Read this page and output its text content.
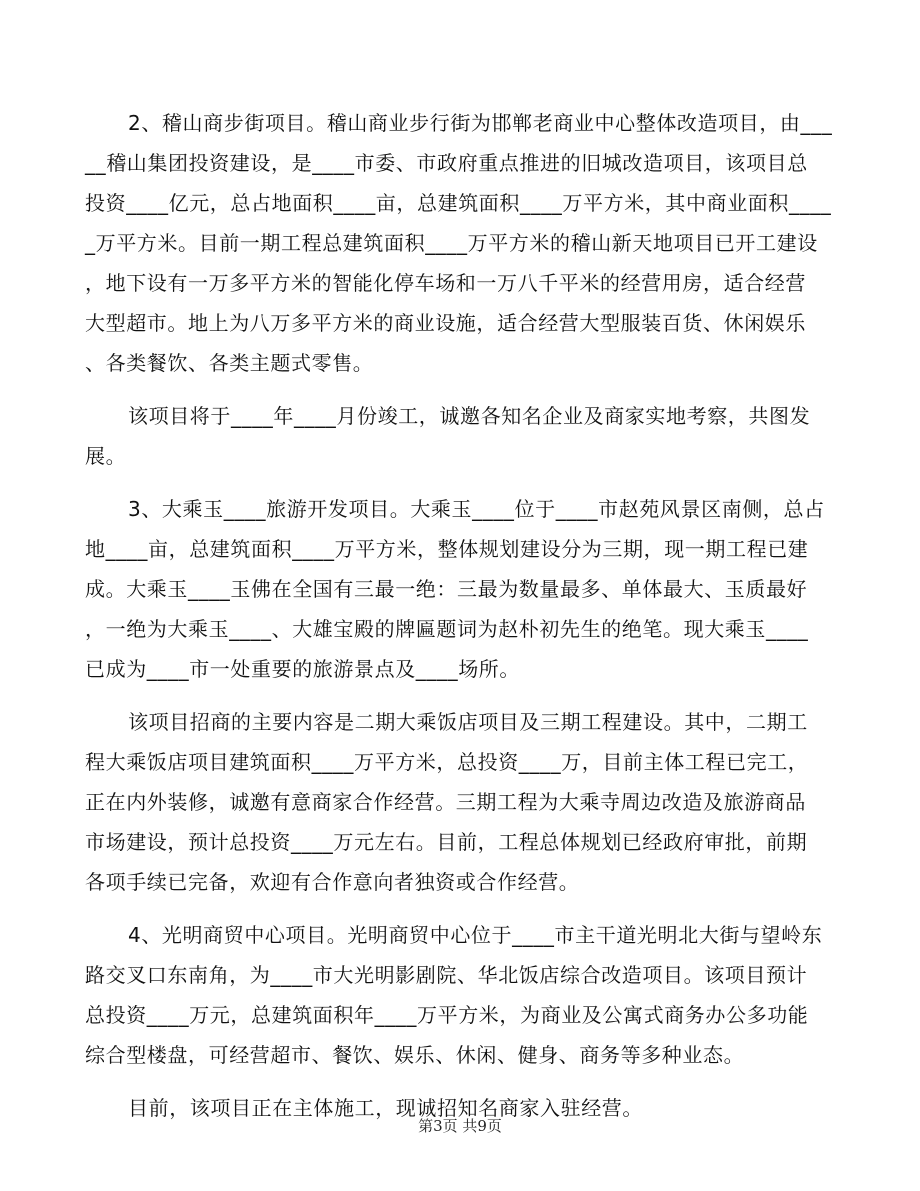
2、稽山商步街项目。稽山商业步行街为邯郸老商业中心整体改造项目，由___
__稽山集团投资建设，是____市委、市政府重点推进的旧城改造项目，该项目总
投资____亿元，总占地面积____亩，总建筑面积____万平方米，其中商业面积____
_万平方米。目前一期工程总建筑面积____万平方米的稽山新天地项目已开工建设
，地下设有一万多平方米的智能化停车场和一万八千平米的经营用房，适合经营
大型超市。地上为八万多平方米的商业设施，适合经营大型服装百货、休闲娱乐
、各类餐饮、各类主题式零售。
该项目将于____年____月份竣工，诚邀各知名企业及商家实地考察，共图发
展。
3、大乘玉____旅游开发项目。大乘玉____位于____市赵苑风景区南侧，总占
地____亩，总建筑面积____万平方米，整体规划建设分为三期，现一期工程已建
成。大乘玉____玉佛在全国有三最一绝：三最为数量最多、单体最大、玉质最好
，一绝为大乘玉____、大雄宝殿的牌匾题词为赵朴初先生的绝笔。现大乘玉____
已成为____市一处重要的旅游景点及____场所。
该项目招商的主要内容是二期大乘饭店项目及三期工程建设。其中，二期工
程大乘饭店项目建筑面积____万平方米，总投资____万，目前主体工程已完工，
正在内外装修，诚邀有意商家合作经营。三期工程为大乘寺周边改造及旅游商品
市场建设，预计总投资____万元左右。目前，工程总体规划已经政府审批，前期
各项手续已完备，欢迎有合作意向者独资或合作经营。
4、光明商贸中心项目。光明商贸中心位于____市主干道光明北大街与望岭东
路交叉口东南角，为____市大光明影剧院、华北饭店综合改造项目。该项目预计
总投资____万元，总建筑面积年____万平方米，为商业及公寓式商务办公多功能
综合型楼盘，可经营超市、餐饮、娱乐、休闲、健身、商务等多种业态。
目前，该项目正在主体施工，现诚招知名商家入驻经营。
第3页 共9页
